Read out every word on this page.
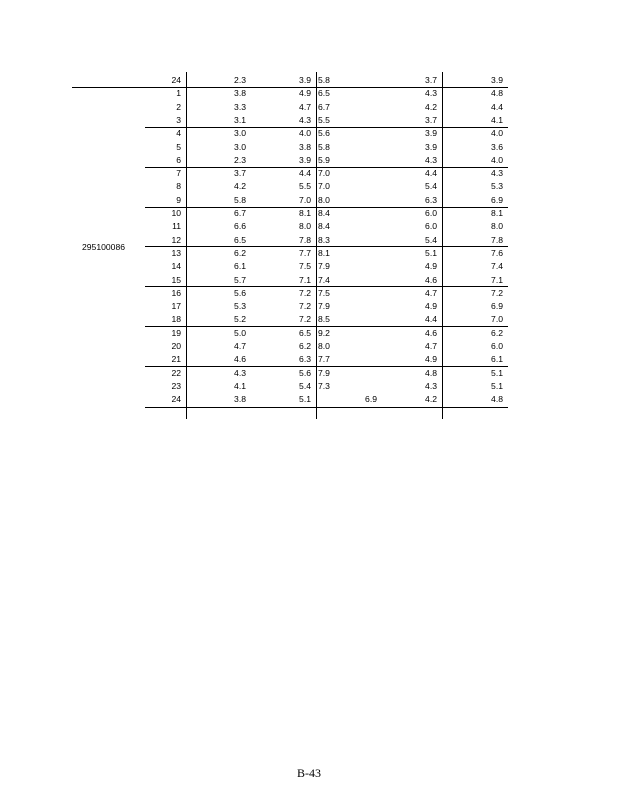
295100086
24	2.3	3.9 5.8	3.7	3.9
1	3.8	4.9 6.5	4.3	4.8
2	3.3	4.7 6.7	4.2	4.4
3	3.1	4.3 5.5	3.7	4.1
4	3.0	4.0 5.6	3.9	4.0
5	3.0	3.8 5.8	3.9	3.6
6	2.3	3.9 5.9	4.3	4.0
7	3.7	4.4 7.0	4.4	4.3
8	4.2	5.5 7.0	5.4	5.3
9	5.8	7.0 8.0	6.3	6.9
10	6.7	8.1 8.4	6.0	8.1
11	6.6	8.0 8.4	6.0	8.0
12	6.5	7.8 8.3	5.4	7.8
13	6.2	7.7 8.1	5.1	7.6
14	6.1	7.5 7.9	4.9	7.4
15	5.7	7.1 7.4	4.6	7.1
16	5.6	7.2 7.5	4.7	7.2
17	5.3	7.2 7.9	4.9	6.9
18	5.2	7.2 8.5	4.4	7.0
19	5.0	6.5 9.2	4.6	6.2
20	4.7	6.2 8.0	4.7	6.0
21	4.6	6.3 7.7	4.9	6.1
22	4.3	5.6 7.9	4.8	5.1
23	4.1	5.4 7.3	4.3	5.1
24	3.8	5.1	6.9	4.2	4.8
B-43
